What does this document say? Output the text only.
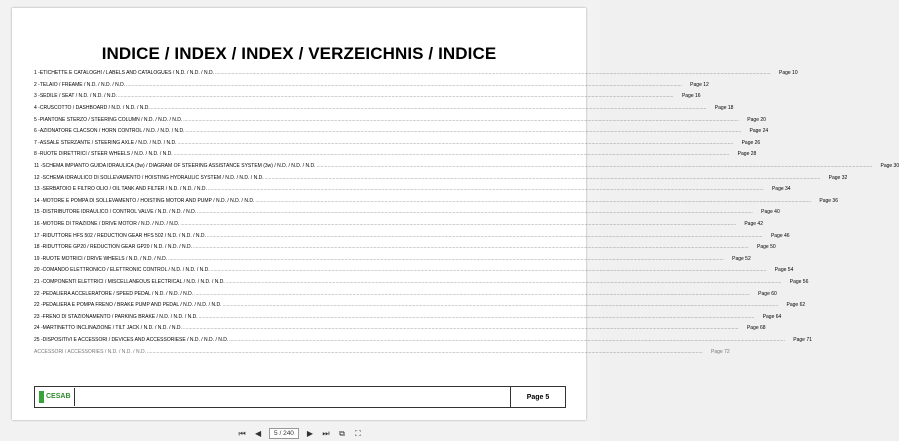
INDICE / INDEX / INDEX / VERZEICHNIS / INDICE
1 - ETICHETTE E CATALOGHI / LABELS AND CATALOGUES / N.D. / N.D. / N.D. ................................................................................................................................................................................................................................................................................................................................................................................................................	Page 10
2 - TELAIO / FREAME / N.D. / N.D. / N.D. ................................................................................................................................................................................................................................................................................................................................................................................................................	Page 12
3 - SEDILE / SEAT / N.D. / N.D. / N.D. ................................................................................................................................................................................................................................................................................................................................................................................................................	Page 16
4 - CRUSCOTTO / DASHBOARD / N.D. / N.D. / N.D. ................................................................................................................................................................................................................................................................................................................................................................................................................	Page 18
5 - PIANTONE STERZO / STEERING COLUMN / N.D. / N.D. / N.D. ................................................................................................................................................................................................................................................................................................................................................................................................................	Page 20
6 - AZIONATORE CLACSON / HORN CONTROL / N.D. / N.D. / N.D. ................................................................................................................................................................................................................................................................................................................................................................................................................	Page 24
7 - ASSALE STERZANTE / STEERING AXLE / N.D. / N.D. / N.D. ................................................................................................................................................................................................................................................................................................................................................................................................................	Page 26
8 - RUOTE DIRETTRICI / STEER WHEELS / N.D. / N.D. / N.D. ................................................................................................................................................................................................................................................................................................................................................................................................................	Page 28
11 - SCHEMA IMPIANTO GUIDA IDRAULICA (3w) / DIAGRAM OF STEERING ASSISTANCE SYSTEM (3w) / N.D. / N.D. / N.D. ................................................................................................................................................................................................................................................................................................................................................................................................................	Page 30
12 - SCHEMA IDRAULICO DI SOLLEVAMENTO / HOISTING HYDRAULIC SYSTEM / N.D. / N.D. / N.D. ................................................................................................................................................................................................................................................................................................................................................................................................................	Page 32
13 - SERBATOIO E FILTRO OLIO / OIL TANK AND FILTER / N.D. / N.D. / N.D. ................................................................................................................................................................................................................................................................................................................................................................................................................	Page 34
14 - MOTORE E POMPA DI SOLLEVAMENTO / HOISTING MOTOR AND PUMP / N.D. / N.D. / N.D. ................................................................................................................................................................................................................................................................................................................................................................................................................	Page 36
15 - DISTRIBUTORE IDRAULICO / CONTROL VALVE / N.D. / N.D. / N.D. ................................................................................................................................................................................................................................................................................................................................................................................................................	Page 40
16 - MOTORE DI TRAZIONE / DRIVE MOTOR / N.D. / N.D. / N.D. ................................................................................................................................................................................................................................................................................................................................................................................................................	Page 42
17 - RIDUTTORE HFS 502 / REDUCTION GEAR HFS 502 / N.D. / N.D. / N.D. ................................................................................................................................................................................................................................................................................................................................................................................................................	Page 46
18 - RIDUTTORE GP20 / REDUCTION GEAR GP20 / N.D. / N.D. / N.D. ................................................................................................................................................................................................................................................................................................................................................................................................................	Page 50
19 - RUOTE MOTRICI / DRIVE WHEELS / N.D. / N.D. / N.D. ................................................................................................................................................................................................................................................................................................................................................................................................................	Page 52
20 - COMANDO ELETTRONICO / ELETTRONIC CONTROL / N.D. / N.D. / N.D. ................................................................................................................................................................................................................................................................................................................................................................................................................	Page 54
21 - COMPONENTI ELETTRICI / MISCELLANEOUS ELECTRICAL / N.D. / N.D. / N.D. ................................................................................................................................................................................................................................................................................................................................................................................................................	Page 56
22 - PEDALIERA ACCELERATORE / SPEED PEDAL / N.D. / N.D. / N.D. ................................................................................................................................................................................................................................................................................................................................................................................................................	Page 60
22 - PEDALIERA E POMPA FRENO / BRAKE PUMP AND PEDAL / N.D. / N.D. / N.D. ................................................................................................................................................................................................................................................................................................................................................................................................................	Page 62
23 - FRENO DI STAZIONAMENTO / PARKING BRAKE / N.D. / N.D. / N.D. ................................................................................................................................................................................................................................................................................................................................................................................................................	Page 64
24 - MARTINETTO INCLINAZIONE / TILT JACK / N.D. / N.D. / N.D. ................................................................................................................................................................................................................................................................................................................................................................................................................	Page 68
25 - DISPOSITIVI E ACCESSORI / DEVICES AND ACCESSORIESE / N.D. / N.D. / N.D. ................................................................................................................................................................................................................................................................................................................................................................................................................	Page 71
ACCESSORI / ACCESSORIES / N.D. / N.D. / N.D. ................................................................................................................................................................................................................................................................................................................................................................................................................	Page 72
CESAB	Page 5
⏮ ◀	5 / 240	▶ ⏭ ⧉ ⛶
